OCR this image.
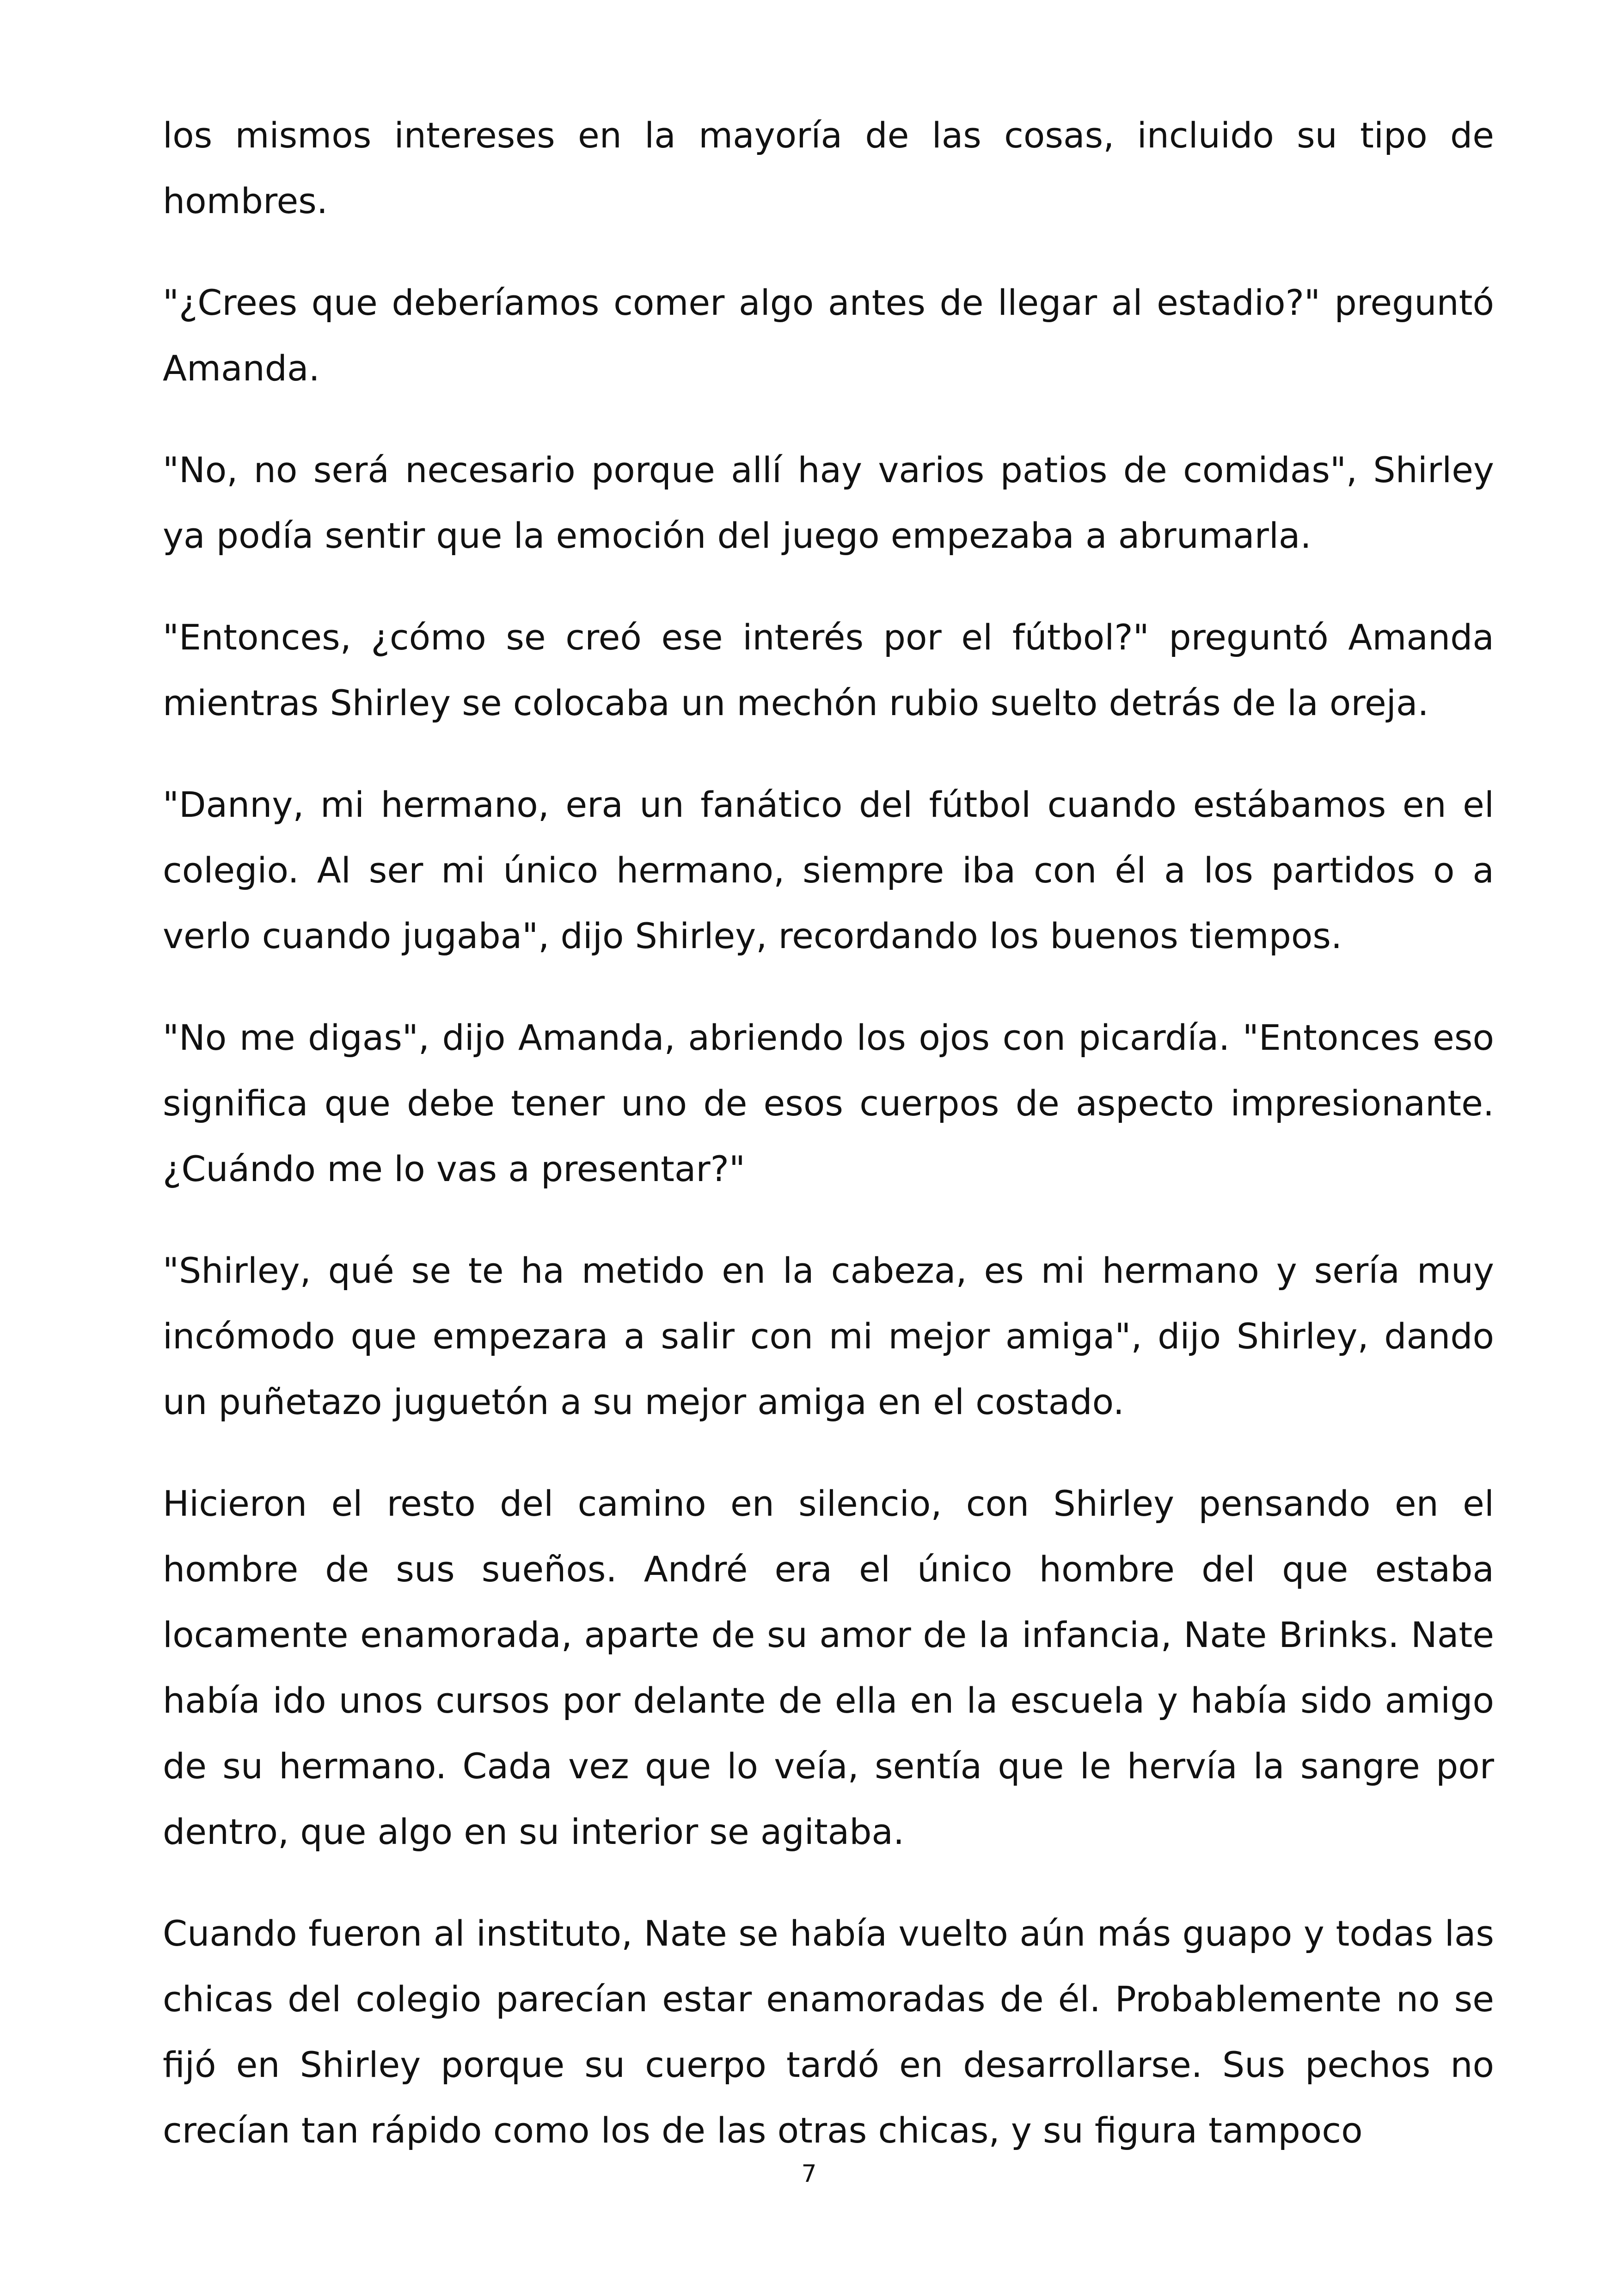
los mismos intereses en la mayoría de las cosas, incluido su tipo de hombres.

"¿Crees que deberíamos comer algo antes de llegar al estadio?" preguntó Amanda.

"No, no será necesario porque allí hay varios patios de comidas", Shirley ya podía sentir que la emoción del juego empezaba a abrumarla.

"Entonces, ¿cómo se creó ese interés por el fútbol?" preguntó Amanda mientras Shirley se colocaba un mechón rubio suelto detrás de la oreja.

"Danny, mi hermano, era un fanático del fútbol cuando estábamos en el colegio. Al ser mi único hermano, siempre iba con él a los partidos o a verlo cuando jugaba", dijo Shirley, recordando los buenos tiempos.

"No me digas", dijo Amanda, abriendo los ojos con picardía. "Entonces eso significa que debe tener uno de esos cuerpos de aspecto impresionante. ¿Cuándo me lo vas a presentar?"

"Shirley, qué se te ha metido en la cabeza, es mi hermano y sería muy incómodo que empezara a salir con mi mejor amiga", dijo Shirley, dando un puñetazo juguetón a su mejor amiga en el costado.

Hicieron el resto del camino en silencio, con Shirley pensando en el hombre de sus sueños. André era el único hombre del que estaba locamente enamorada, aparte de su amor de la infancia, Nate Brinks. Nate había ido unos cursos por delante de ella en la escuela y había sido amigo de su hermano. Cada vez que lo veía, sentía que le hervía la sangre por dentro, que algo en su interior se agitaba.

Cuando fueron al instituto, Nate se había vuelto aún más guapo y todas las chicas del colegio parecían estar enamoradas de él. Probablemente no se fijó en Shirley porque su cuerpo tardó en desarrollarse. Sus pechos no crecían tan rápido como los de las otras chicas, y su figura tampoco

7
